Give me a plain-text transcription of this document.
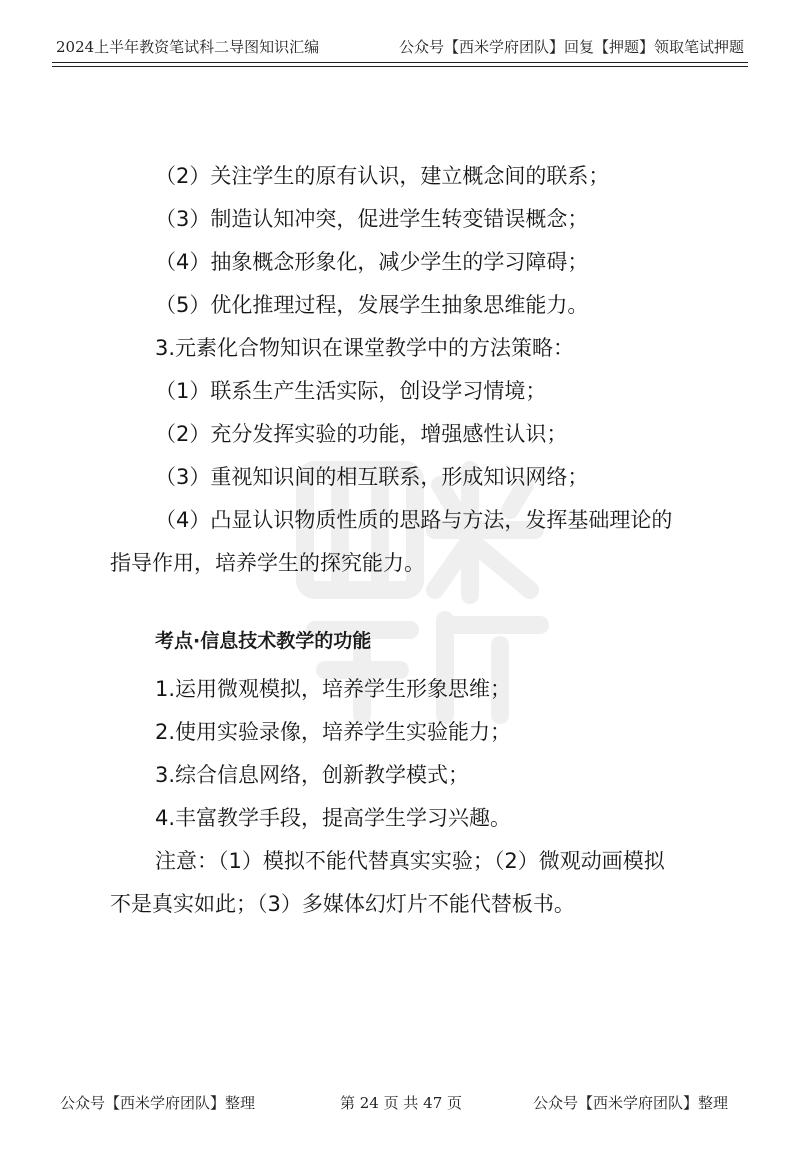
2024上半年教资笔试科二导图知识汇编	公众号【西米学府团队】回复【押题】领取笔试押题
（2）关注学生的原有认识，建立概念间的联系；
（3）制造认知冲突，促进学生转变错误概念；
（4）抽象概念形象化，减少学生的学习障碍；
（5）优化推理过程，发展学生抽象思维能力。
3.元素化合物知识在课堂教学中的方法策略：
（1）联系生产生活实际，创设学习情境；
（2）充分发挥实验的功能，增强感性认识；
（3）重视知识间的相互联系，形成知识网络；
（4）凸显认识物质性质的思路与方法，发挥基础理论的
指导作用，培养学生的探究能力。
考点·信息技术教学的功能
1.运用微观模拟，培养学生形象思维；
2.使用实验录像，培养学生实验能力；
3.综合信息网络，创新教学模式；
4.丰富教学手段，提高学生学习兴趣。
注意：（1）模拟不能代替真实实验；（2）微观动画模拟
不是真实如此；（3）多媒体幻灯片不能代替板书。
公众号【西米学府团队】整理	第 24 页 共 47 页	公众号【西米学府团队】整理
